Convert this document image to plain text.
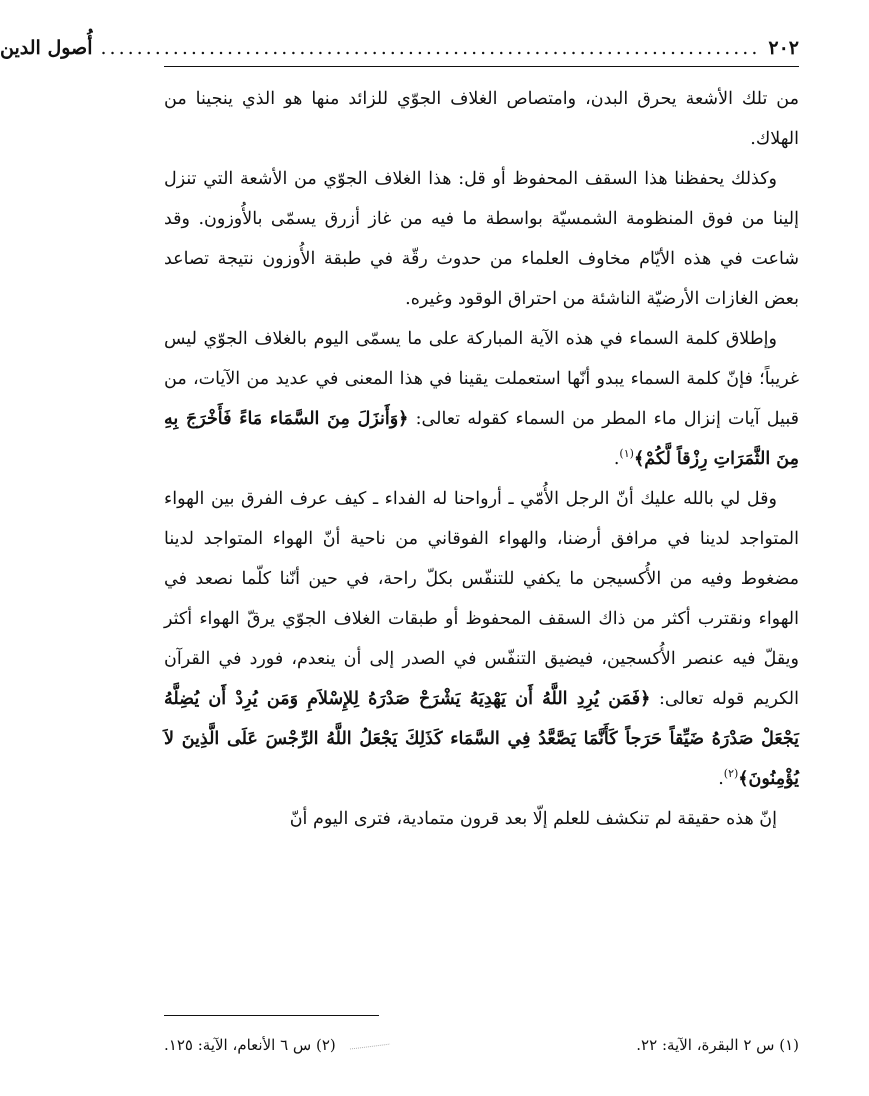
٢٠٢
.........................................................................
أُصول الدين

من تلك الأشعة يحرق البدن، وامتصاص الغلاف الجوّي للزائد منها هو الذي ينجينا من الهلاك.

وكذلك يحفظنا هذا السقف المحفوظ أو قل: هذا الغلاف الجوّي من الأشعة التي تنزل إلينا من فوق المنظومة الشمسيّة بواسطة ما فيه من غاز أزرق يسمّى بالأُوزون. وقد شاعت في هذه الأيّام مخاوف العلماء من حدوث رقّة في طبقة الأُوزون نتيجة تصاعد بعض الغازات الأرضيّة الناشئة من احتراق الوقود وغيره.

وإطلاق كلمة السماء في هذه الآية المباركة على ما يسمّى اليوم بالغلاف الجوّي ليس غريباً؛ فإنّ كلمة السماء يبدو أنّها استعملت يقينا في هذا المعنى في عديد من الآيات، من قبيل آيات إنزال ماء المطر من السماء كقوله تعالى: ﴿وَأَنزَلَ مِنَ السَّمَاء مَاءً فَأَخْرَجَ بِهِ مِنَ الثَّمَرَاتِ رِزْقاً لَّكُمْ﴾$^{(١)}$.

وقل لي بالله عليك أنّ الرجل الأُمّي ـ أرواحنا له الفداء ـ كيف عرف الفرق بين الهواء المتواجد لدينا في مرافق أرضنا، والهواء الفوقاني من ناحية أنّ الهواء المتواجد لدينا مضغوط وفيه من الأُكسيجن ما يكفي للتنفّس بكلّ راحة، في حين أنّنا كلّما نصعد في الهواء ونقترب أكثر من ذاك السقف المحفوظ أو طبقات الغلاف الجوّي يرقّ الهواء أكثر ويقلّ فيه عنصر الأُكسجين، فيضيق التنفّس في الصدر إلى أن ينعدم، فورد في القرآن الكريم قوله تعالى: ﴿فَمَن يُرِدِ اللَّهُ أَن يَهْدِيَهُ يَشْرَحْ صَدْرَهُ لِلإِسْلاَمِ وَمَن يُرِدْ أَن يُضِلَّهُ يَجْعَلْ صَدْرَهُ ضَيِّقاً حَرَجاً كَأَنَّمَا يَصَّعَّدُ فِي السَّمَاء كَذَلِكَ يَجْعَلُ اللَّهُ الرِّجْسَ عَلَى الَّذِينَ لاَ يُؤْمِنُونَ﴾$^{(٢)}$.

إنّ هذه حقيقة لم تنكشف للعلم إلّا بعد قرون متمادية، فترى اليوم أنّ

(١) س ٢ البقرة، الآية: ٢٢.
(٢) س ٦ الأنعام، الآية: ١٢٥.
